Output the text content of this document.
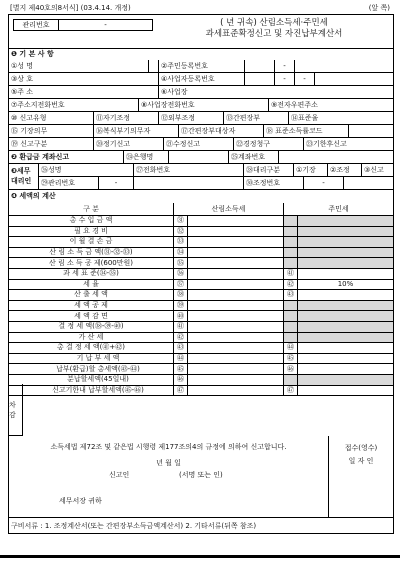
[별지 제40호의8서식] (03.4.14. 개정)	(앞 쪽)
관리번호	-	( 년 귀속) 산림소득세·주민세
과세표준확정신고 및 자진납부계산서
❶ 기 본 사 항
①성 명	②주민등록번호	-
③상 호	④사업자등록번호	-	-
⑤주 소	⑥사업장
⑦주소지전화번호	⑧사업장전화번호	⑨전자우편주소
⑩ 신고유형	⑪자기조정	⑫외부조정	⑬간편장부	⑭표준율
⑮ 기장의무	⑯복식부기의무자	⑰간편장부대상자	⑱ 표준소득률코드
⑲ 신고구분	⑳정기신고	㉑수정신고	㉒경정청구	㉓기한후신고
❷ 환급금 계좌신고	㉔은행명	㉕계좌번호
❸세무
대리인
㉖성명	㉗전화번호	㉘대리구분	①기장	②조정	③신고
㉙관리번호	-	㉚조정번호	-
❹ 세액의 계산
구 분	산림소득세	주민세
총 수 입 금 액	㉛
필 요 경 비	㉜
이 월 결 손 금	㉝
산 림 소 득 금 액(㉛-㉜-㉝)	㉞
산 림 소 득 공 제(600만원)	㉟
과 세 표 준(㉞-㉟)	㊱	㊶
세 율	㊲	㊷	10%
산 출 세 액	㊳	㊸
세 액 공 제	㊴
세 액 감 면	㊵
결 정 세 액(㊳-㊴-㊵)	㊶
가 산 세	㊷
총 결 정 세 액(㊶+㊷)	㊸	㊹
기 납 부 세 액	㊹	㊺
납부(환급)할 총세액(㊸-㊹)	㊺	㊻
분납할세액(45일내)	㊻
신고기한내 납부할세액(㊺-㊻)	㊼	㊼
차감
소득세법 제72조 및 같은법 시행령 제177조의4의 규정에 의하여 신고합니다.
년 월 일
신고인	(서명 또는 인)
세무서장 귀하
접수(영수)
일 자 인
구비서류 : 1. 조정계산서(또는 간편장부소득금액계산서) 2. 기타서류(뒤쪽 참조)
